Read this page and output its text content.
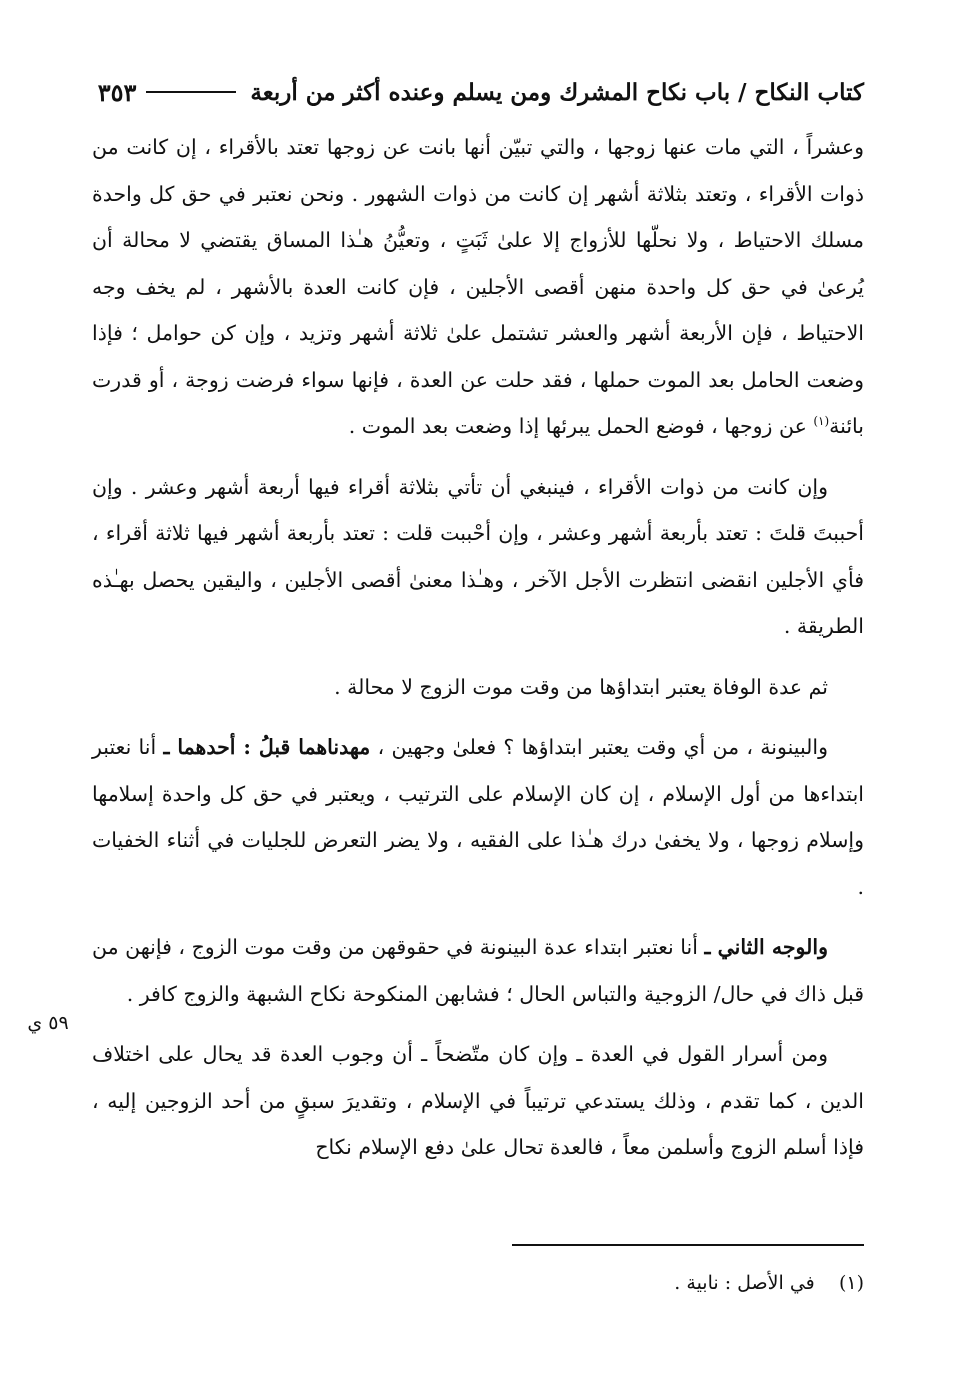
كتاب النكاح / باب نكاح المشرك ومن يسلم وعنده أكثر من أربعة
٣٥٣

وعشراً ، التي مات عنها زوجها ، والتي تبيّن أنها بانت عن زوجها تعتد بالأقراء ، إن كانت من ذوات الأقراء ، وتعتد بثلاثة أشهر إن كانت من ذوات الشهور . ونحن نعتبر في حق كل واحدة مسلك الاحتياط ، ولا نحلّها للأزواج إلا علىٰ ثَبَتٍ ، وتعيُّنُ هـٰذا المساق يقتضي لا محالة أن يُرعىٰ في حق كل واحدة منهن أقصى الأجلين ، فإن كانت العدة بالأشهر ، لم يخف وجه الاحتياط ، فإن الأربعة أشهر والعشر تشتمل علىٰ ثلاثة أشهر وتزيد ، وإن كن حوامل ؛ فإذا وضعت الحامل بعد الموت حملها ، فقد حلت عن العدة ، فإنها سواء فرضت زوجة ، أو قدرت بائنة$^{(١)}$ عن زوجها ، فوضع الحمل يبرئها إذا وضعت بعد الموت .

وإن كانت من ذوات الأقراء ، فينبغي أن تأتي بثلاثة أقراء فيها أربعة أشهر وعشر . وإن أحببتَ قلتَ : تعتد بأربعة أشهر وعشر ، وإن أحْببت قلت : تعتد بأربعة أشهر فيها ثلاثة أقراء ، فأي الأجلين انقضى انتظرت الأجل الآخر ، وهـٰذا معنىٰ أقصى الأجلين ، واليقين يحصل بهـٰذه الطريقة .

ثم عدة الوفاة يعتبر ابتداؤها من وقت موت الزوج لا محالة .

والبينونة ، من أي وقت يعتبر ابتداؤها ؟ فعلىٰ وجهين ، مهدناهما قبلُ : أحدهما ـ أنا نعتبر ابتداءها من أول الإسلام ، إن كان الإسلام على الترتيب ، ويعتبر في حق كل واحدة إسلامها وإسلام زوجها ، ولا يخفىٰ درك هـٰذا على الفقيه ، ولا يضر التعرض للجليات في أثناء الخفيات .

والوجه الثاني ـ أنا نعتبر ابتداء عدة البينونة في حقوقهن من وقت موت الزوج ، فإنهن من قبل ذاك في حال/ الزوجية والتباس الحال ؛ فشابهن المنكوحة نكاح الشبهة والزوج كافر .

ومن أسرار القول في العدة ـ وإن كان متّضحاً ـ أن وجوب العدة قد يحال على اختلاف الدين ، كما تقدم ، وذلك يستدعي ترتيباً في الإسلام ، وتقديرَ سبقٍ من أحد الزوجين إليه ، فإذا أسلم الزوج وأسلمن معاً ، فالعدة تحال علىٰ دفع الإسلام نكاح

٥٩ ي
(١)    في الأصل : نابية .
